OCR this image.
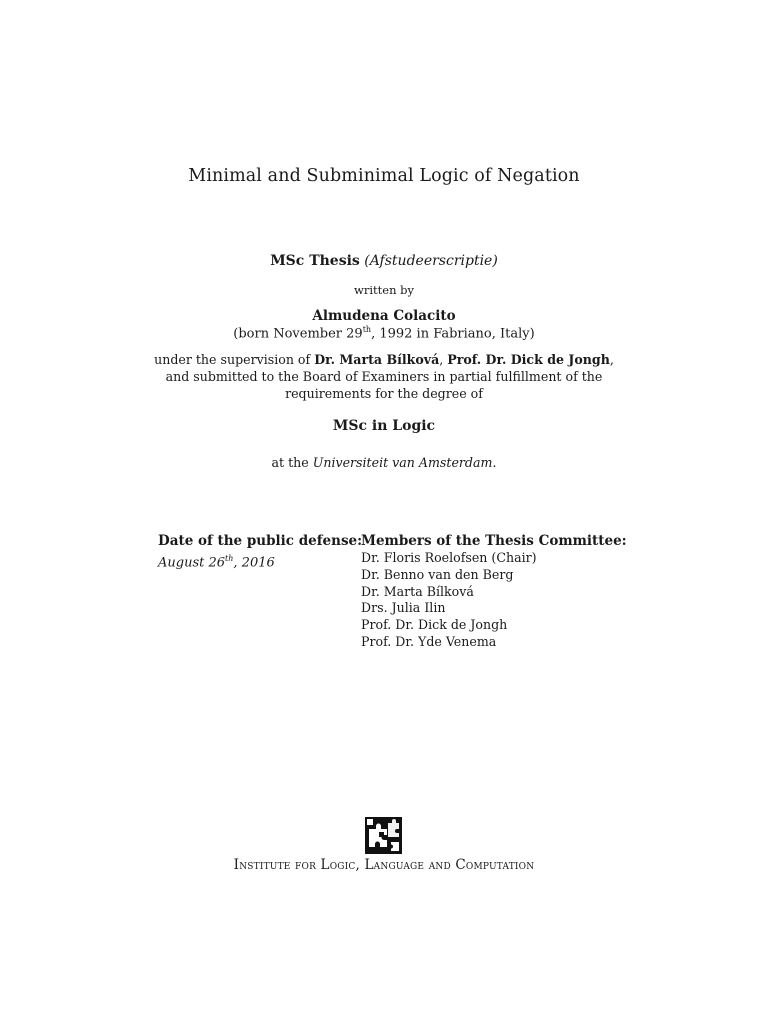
Minimal and Subminimal Logic of Negation
MSc Thesis (Afstudeerscriptie)
written by
Almudena Colacito
(born November 29th, 1992 in Fabriano, Italy)
under the supervision of Dr. Marta Bílková, Prof. Dr. Dick de Jongh,
and submitted to the Board of Examiners in partial fulfillment of the
requirements for the degree of
MSc in Logic
at the Universiteit van Amsterdam.
Date of the public defense:
August 26th, 2016
Members of the Thesis Committee:
Dr. Floris Roelofsen (Chair)
Dr. Benno van den Berg
Dr. Marta Bílková
Drs. Julia Ilin
Prof. Dr. Dick de Jongh
Prof. Dr. Yde Venema
Institute for Logic, Language and Computation
